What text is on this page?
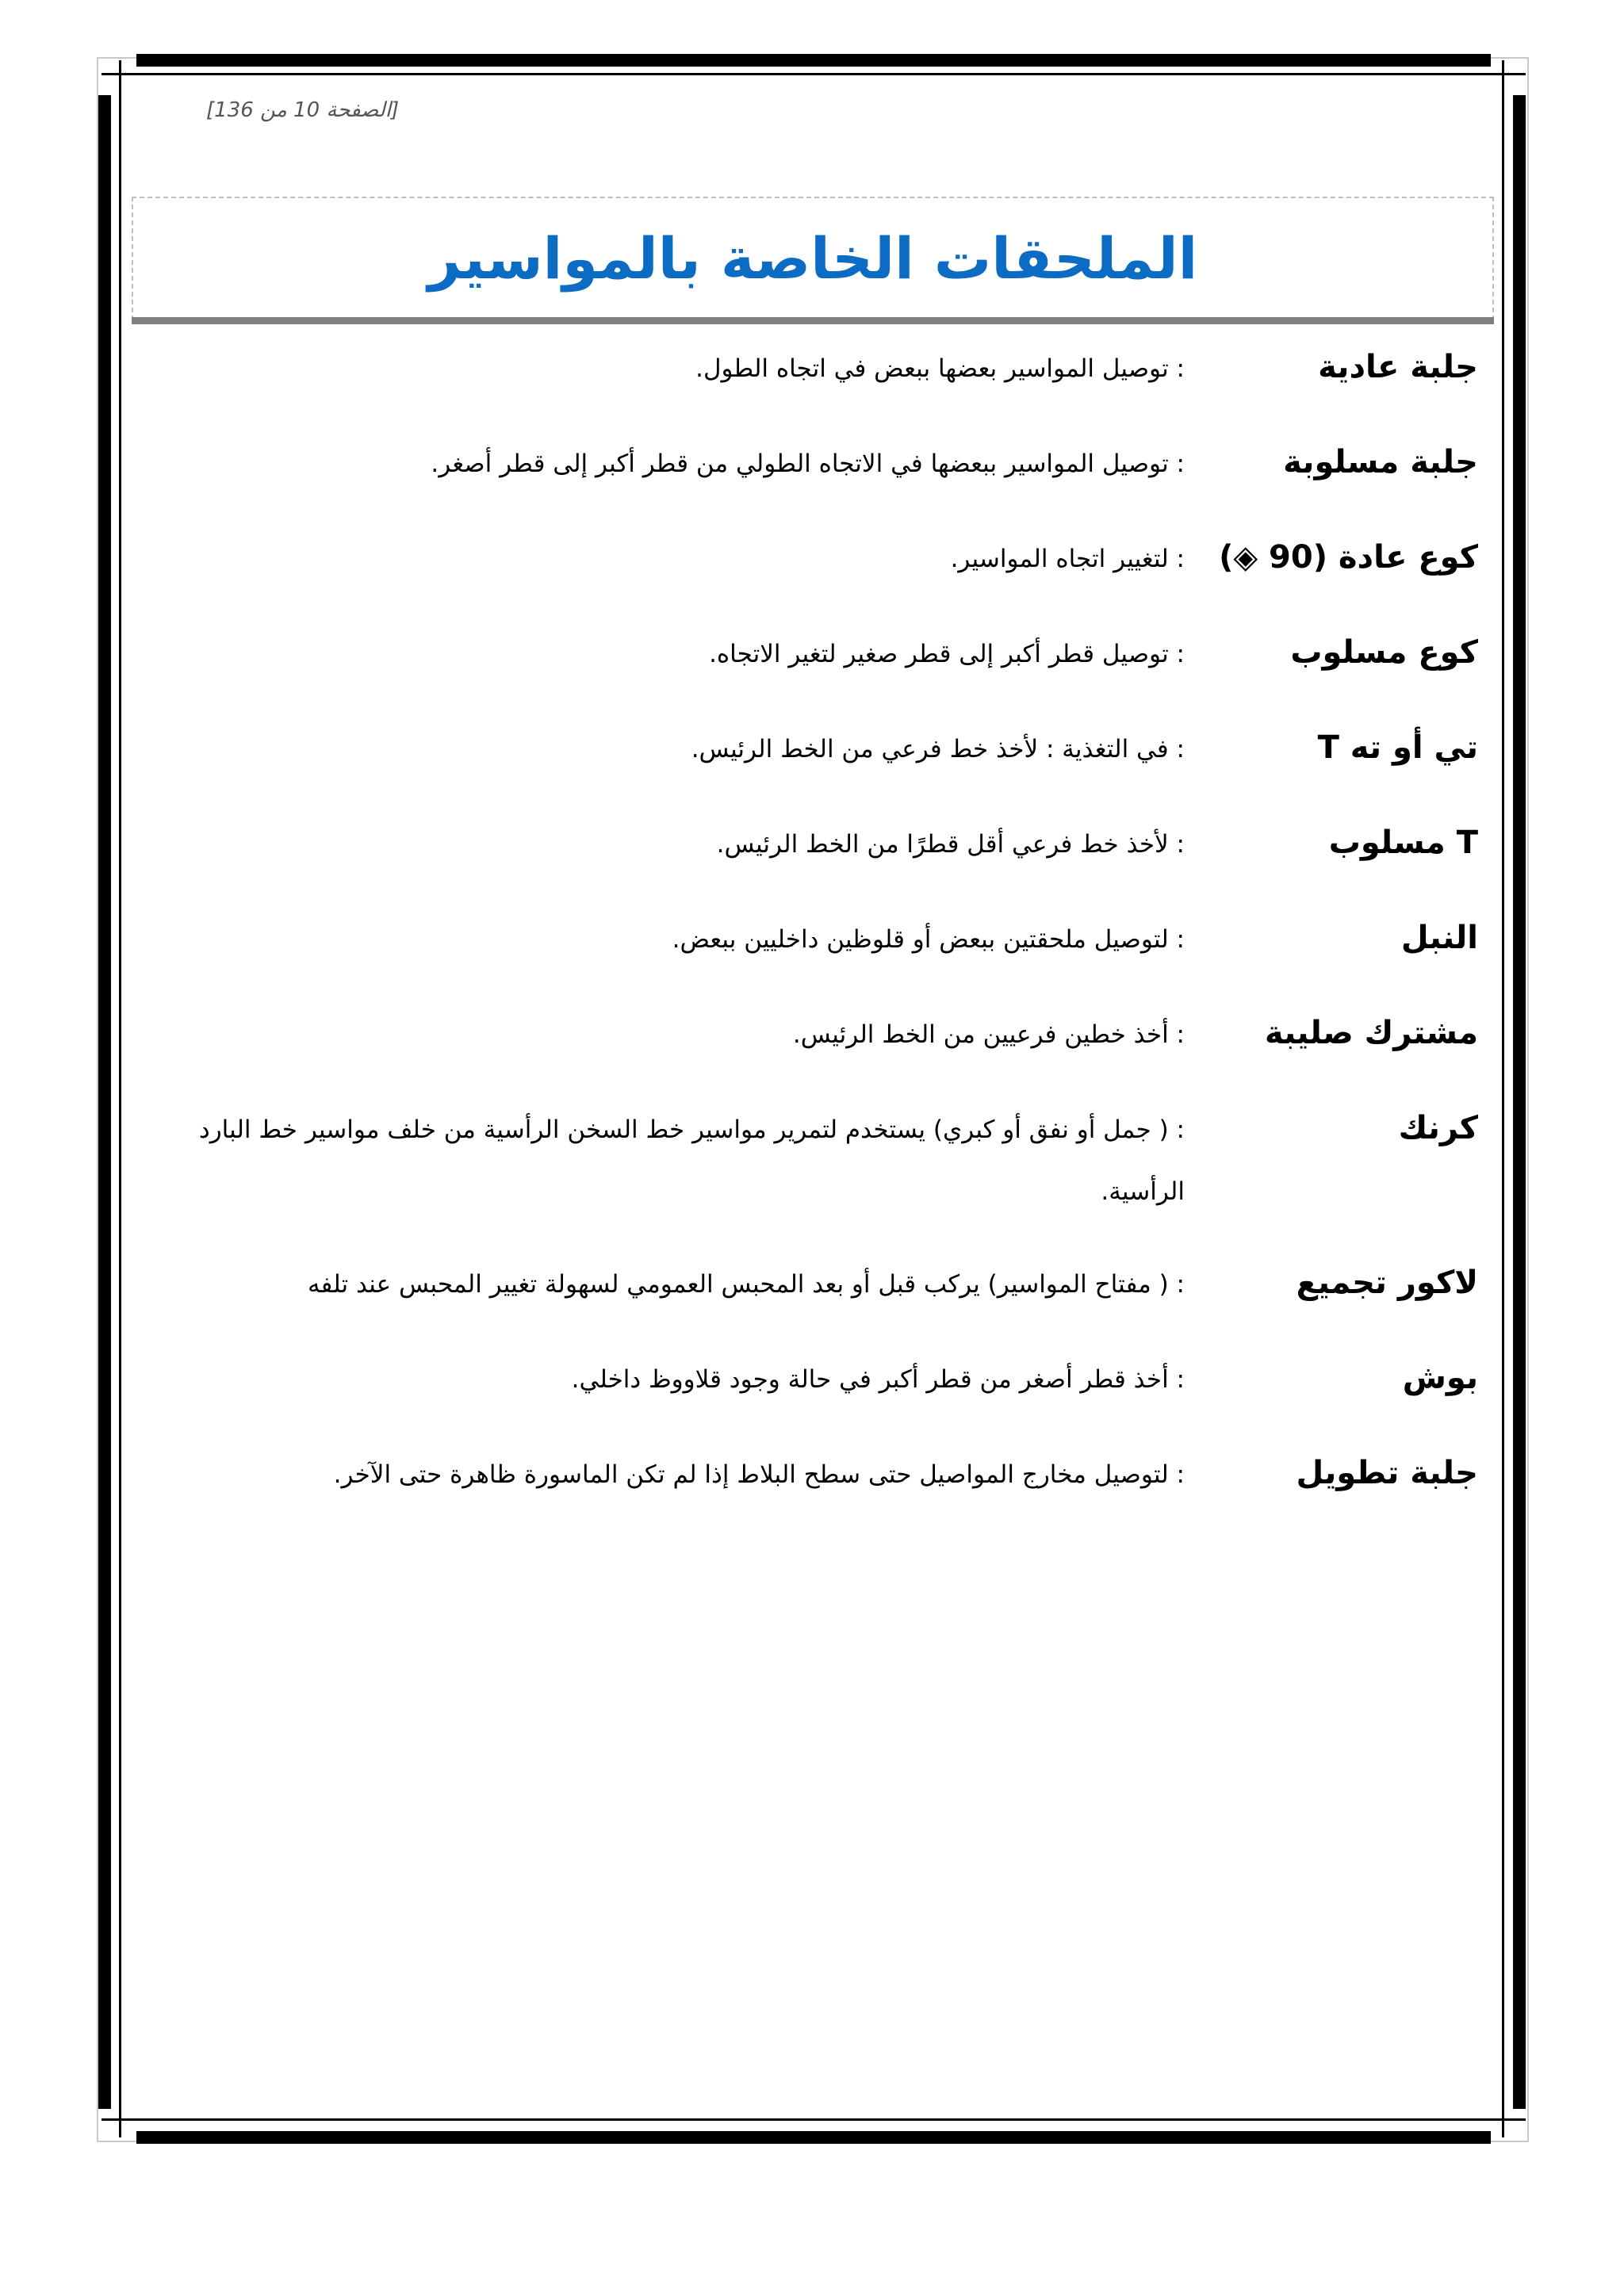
[الصفحة 10 من 136]
الملحقات الخاصة بالمواسير
جلبة عادية
: توصيل المواسير بعضها ببعض في اتجاه الطول.
جلبة مسلوبة
: توصيل المواسير ببعضها في الاتجاه الطولي من قطر أكبر إلى قطر أصغر.
كوع عادة (90 ◈)
: لتغيير اتجاه المواسير.
كوع مسلوب
: توصيل قطر أكبر إلى قطر صغير لتغير الاتجاه.
تي أو ته T
: في التغذية : لأخذ خط فرعي من الخط الرئيس.
T مسلوب
: لأخذ خط فرعي أقل قطرًا من الخط الرئيس.
النبل
: لتوصيل ملحقتين ببعض أو قلوظين داخليين ببعض.
مشترك صليبة
: أخذ خطين فرعيين من الخط الرئيس.
كرنك
: ( جمل أو نفق أو كبري) يستخدم لتمرير مواسير خط السخن الرأسية من خلف مواسير خط البارد الرأسية.
لاكور تجميع
: ( مفتاح المواسير) يركب قبل أو بعد المحبس العمومي لسهولة تغيير المحبس عند تلفه
بوش
: أخذ قطر أصغر من قطر أكبر في حالة وجود قلاووظ داخلي.
جلبة تطويل
: لتوصيل مخارج المواصيل حتى سطح البلاط إذا لم تكن الماسورة ظاهرة حتى الآخر.
